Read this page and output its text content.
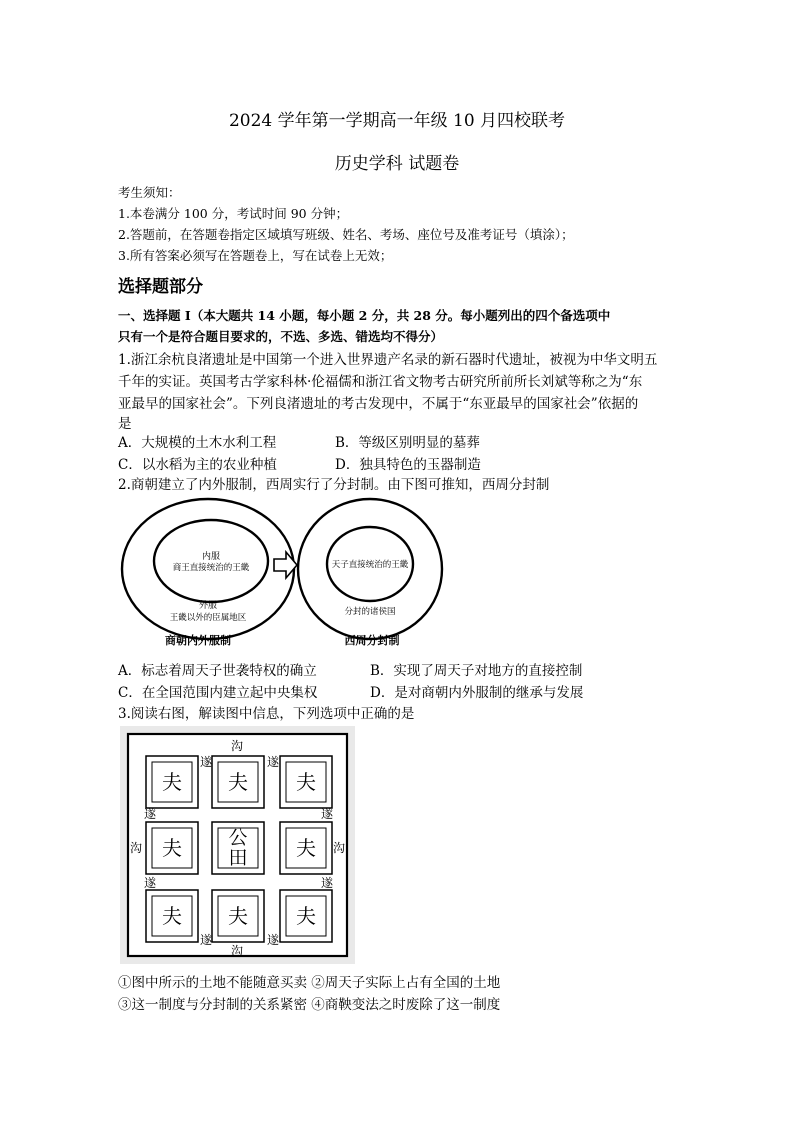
2024 学年第一学期高一年级 10 月四校联考
历史学科 试题卷
考生须知：
1.本卷满分 100 分，考试时间 90 分钟；
2.答题前，在答题卷指定区域填写班级、姓名、考场、座位号及准考证号（填涂）；
3.所有答案必须写在答题卷上，写在试卷上无效；
选择题部分
一、选择题 Ⅰ（本大题共 14 小题，每小题 2 分，共 28 分。每小题列出的四个备选项中
只有一个是符合题目要求的，不选、多选、错选均不得分）
1.浙江余杭良渚遗址是中国第一个进入世界遗产名录的新石器时代遗址，被视为中华文明五
千年的实证。英国考古学家科林·伦福儒和浙江省文物考古研究所前所长刘斌等称之为“东
亚最早的国家社会”。下列良渚遗址的考古发现中，不属于“东亚最早的国家社会”依据的
是
A．大规模的土木水利工程	B．等级区别明显的墓葬
C．以水稻为主的农业种植	D．独具特色的玉器制造
2.商朝建立了内外服制，西周实行了分封制。由下图可推知，西周分封制
内服
商王直接统治的王畿
外服
王畿以外的臣属地区
商朝内外服制
天子直接统治的王畿
分封的诸侯国
西周分封制
A．标志着周天子世袭特权的确立	B．实现了周天子对地方的直接控制
C．在全国范围内建立起中央集权	D．是对商朝内外服制的继承与发展
3.阅读右图，解读图中信息，下列选项中正确的是
夫 夫 夫
夫 公
田 夫
夫 夫 夫
沟
沟
沟	沟
遂	遂
遂	遂
遂	遂
遂	遂
①图中所示的土地不能随意买卖 ②周天子实际上占有全国的土地
③这一制度与分封制的关系紧密 ④商鞅变法之时废除了这一制度
